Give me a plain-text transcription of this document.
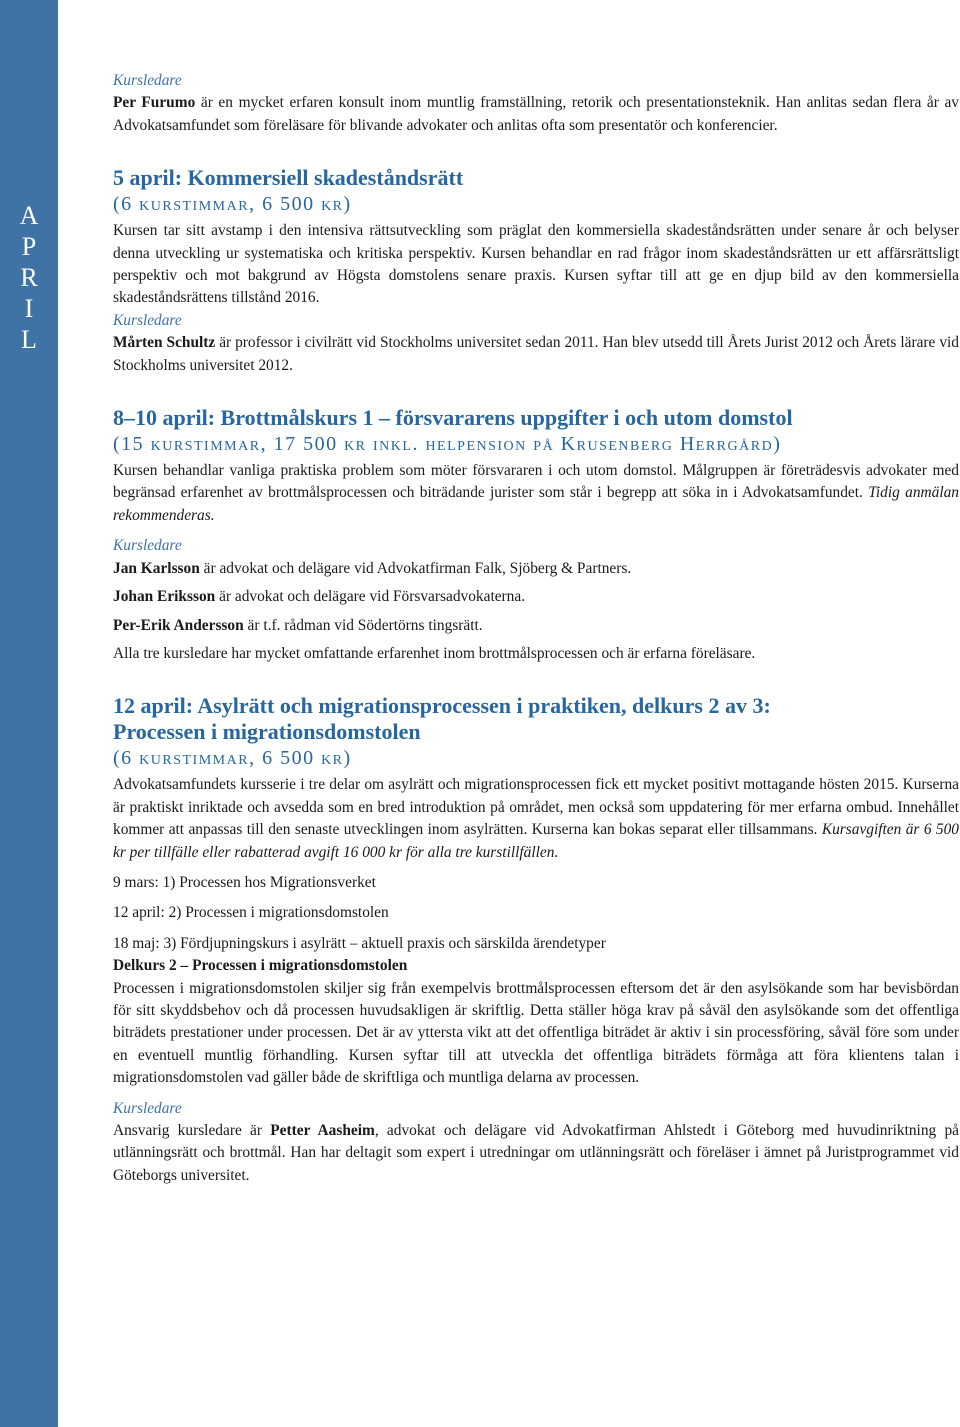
A
P
R
I
L

Kursledare

Per Furumo är en mycket erfaren konsult inom muntlig framställning, retorik och presentationsteknik. Han anlitas sedan flera år av Advokatsamfundet som föreläsare för blivande advokater och anlitas ofta som presentatör och konferencier.

5 april: Kommersiell skadeståndsrätt
(6 kurstimmar, 6 500 kr)

Kursen tar sitt avstamp i den intensiva rättsutveckling som präglat den kommersiella skadeståndsrätten under senare år och belyser denna utveckling ur systematiska och kritiska perspektiv. Kursen behandlar en rad frågor inom skadeståndsrätten ur ett affärsrättsligt perspektiv och mot bakgrund av Högsta domstolens senare praxis. Kursen syftar till att ge en djup bild av den kommersiella skadeståndsrättens tillstånd 2016.

Kursledare

Mårten Schultz är professor i civilrätt vid Stockholms universitet sedan 2011. Han blev utsedd till Årets Jurist 2012 och Årets lärare vid Stockholms universitet 2012.

8–10 april: Brottmålskurs 1 – försvararens uppgifter i och utom domstol
(15 kurstimmar, 17 500 kr inkl. helpension på Krusenberg Herrgård)

Kursen behandlar vanliga praktiska problem som möter försvararen i och utom domstol. Målgruppen är företrädesvis advokater med begränsad erfarenhet av brottmålsprocessen och biträdande jurister som står i begrepp att söka in i Advokatsamfundet. Tidig anmälan rekommenderas.

Kursledare

Jan Karlsson är advokat och delägare vid Advokatfirman Falk, Sjöberg & Partners.

Johan Eriksson är advokat och delägare vid Försvarsadvokaterna.

Per-Erik Andersson är t.f. rådman vid Södertörns tingsrätt.

Alla tre kursledare har mycket omfattande erfarenhet inom brottmålsprocessen och är erfarna föreläsare.

12 april: Asylrätt och migrationsprocessen i praktiken, delkurs 2 av 3:
Processen i migrationsdomstolen
(6 kurstimmar, 6 500 kr)

Advokatsamfundets kursserie i tre delar om asylrätt och migrationsprocessen fick ett mycket positivt mottagande hösten 2015. Kurserna är praktiskt inriktade och avsedda som en bred introduktion på området, men också som uppdatering för mer erfarna ombud. Innehållet kommer att anpassas till den senaste utvecklingen inom asylrätten. Kurserna kan bokas separat eller tillsammans. Kursavgiften är 6 500 kr per tillfälle eller rabatterad avgift 16 000 kr för alla tre kurstillfällen.

9 mars: 1) Processen hos Migrationsverket

12 april: 2) Processen i migrationsdomstolen

18 maj: 3) Fördjupningskurs i asylrätt – aktuell praxis och särskilda ärendetyper

Delkurs 2 – Processen i migrationsdomstolen

Processen i migrationsdomstolen skiljer sig från exempelvis brottmålsprocessen eftersom det är den asylsökande som har bevisbördan för sitt skyddsbehov och då processen huvudsakligen är skriftlig. Detta ställer höga krav på såväl den asylsökande som det offentliga biträdets prestationer under processen. Det är av yttersta vikt att det offentliga biträdet är aktiv i sin processföring, såväl före som under en eventuell muntlig förhandling. Kursen syftar till att utveckla det offentliga biträdets förmåga att föra klientens talan i migrationsdomstolen vad gäller både de skriftliga och muntliga delarna av processen.

Kursledare

Ansvarig kursledare är Petter Aasheim, advokat och delägare vid Advokatfirman Ahlstedt i Göteborg med huvudinriktning på utlänningsrätt och brottmål. Han har deltagit som expert i utredningar om utlänningsrätt och föreläser i ämnet på Juristprogrammet vid Göteborgs universitet.
